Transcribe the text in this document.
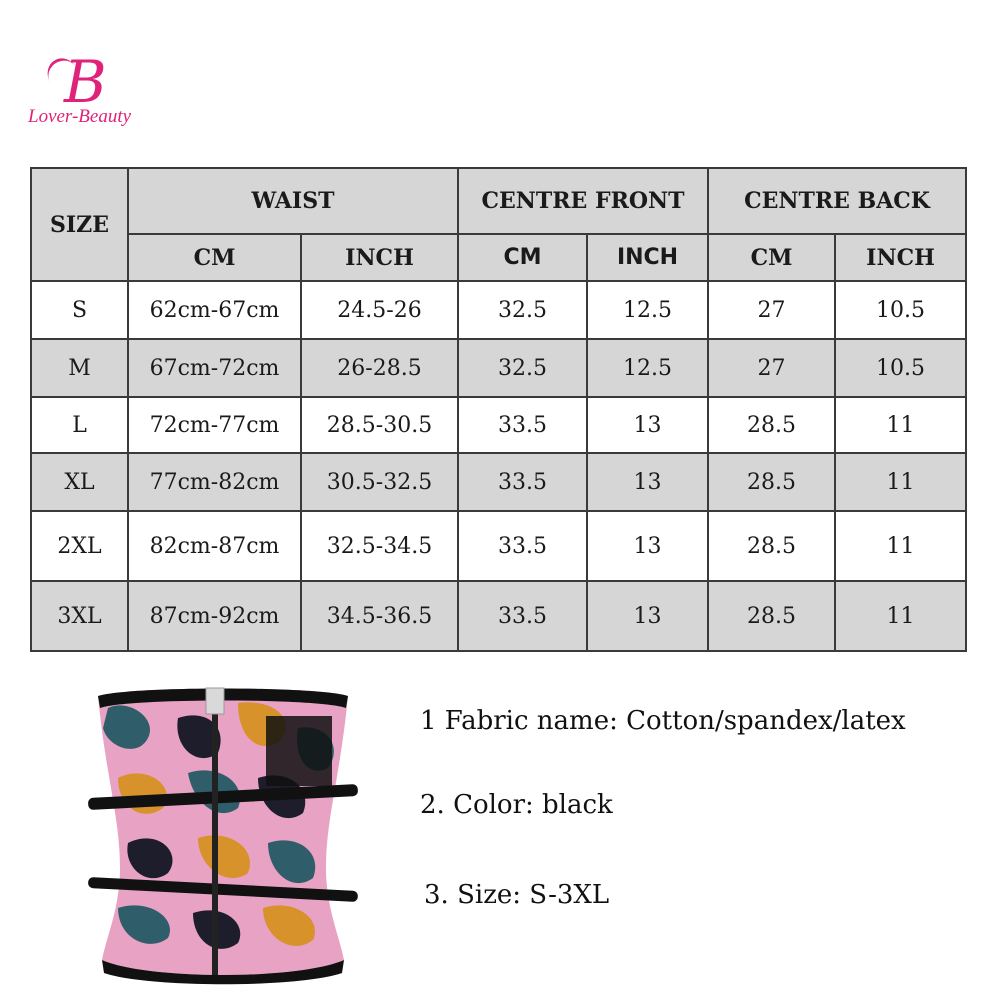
B
Lover-Beauty
SIZE	WAIST		CENTRE FRONT		CENTRE BACK	
	CM	INCH	CM	INCH	CM	INCH
S	62cm-67cm	24.5-26	32.5	12.5	27	10.5
M	67cm-72cm	26-28.5	32.5	12.5	27	10.5
L	72cm-77cm	28.5-30.5	33.5	13	28.5	11
XL	77cm-82cm	30.5-32.5	33.5	13	28.5	11
2XL	82cm-87cm	32.5-34.5	33.5	13	28.5	11
3XL	87cm-92cm	34.5-36.5	33.5	13	28.5	11
1 Fabric name: Cotton/spandex/latex
2. Color: black
3. Size: S-3XL
